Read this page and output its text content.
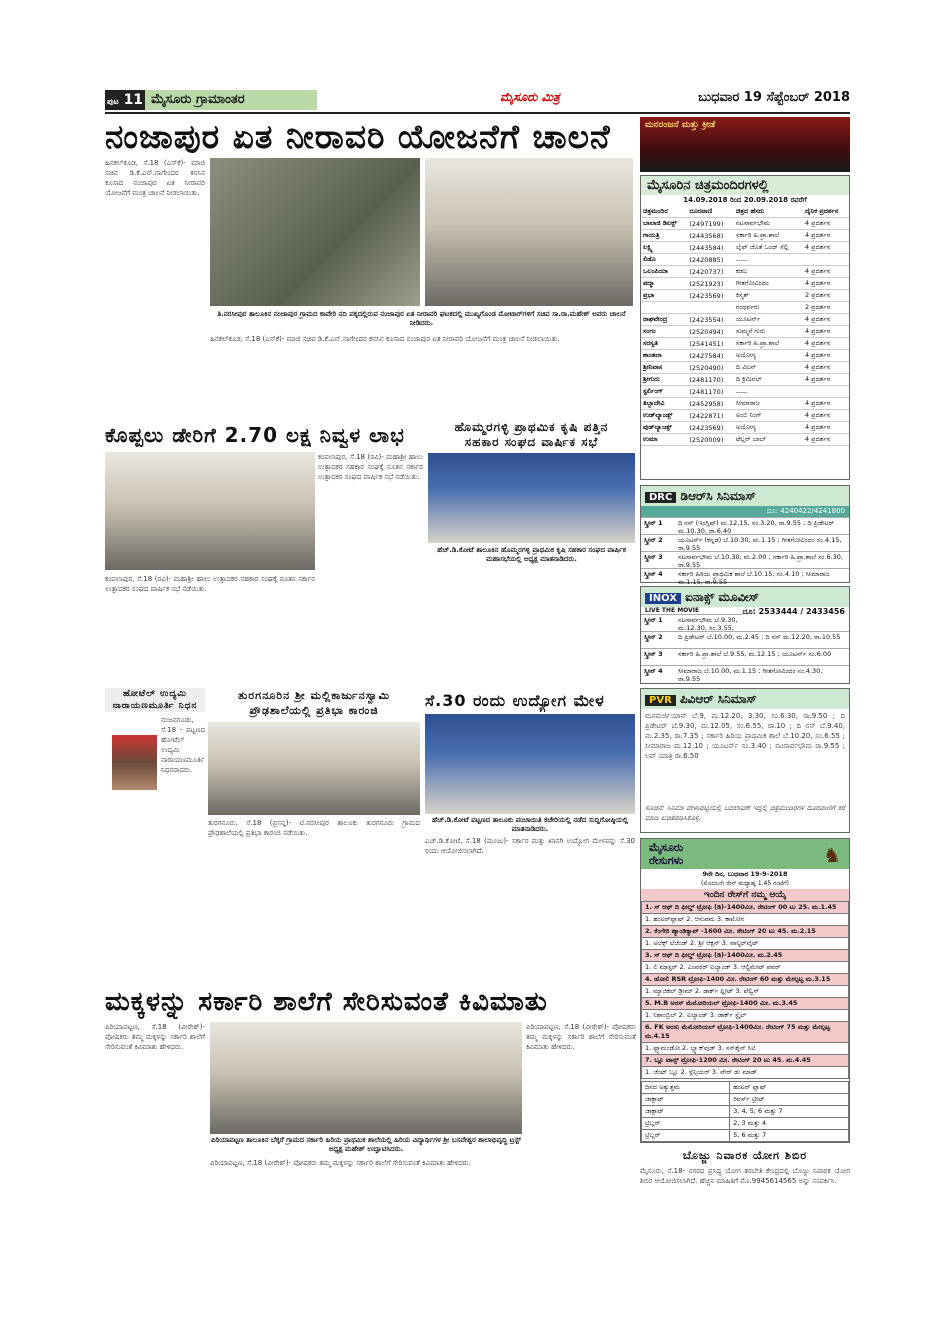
ಪುಟ 11 ಮೈಸೂರು ಗ್ರಾಮಾಂತರ	ಮೈಸೂರು ಮಿತ್ರ	ಬುಧವಾರ 19 ಸೆಪ್ಟೆಂಬರ್ 2018
ನಂಜಾಪುರ ಏತ ನೀರಾವರಿ ಯೋಜನೆಗೆ ಚಾಲನೆ
ಹಿನಕಲ್‌ಕೂಡ, ಸೆ.18 (ಎಸ್‌ಕೆ)- ಮಾಜಿ ಸಚಿವ ಡಿ.ಕೆ.ಎನ್.ನಾಗೇಂದರ ಕನಸಿನ ಕೂಸಾದ ನಂಜಾಪುರ ಏತ ನೀರಾವರಿ ಯೋಜನೆಗೆ ಮಂತ್ರ ಚಾಲನೆ ನೀಡಲಾಯಿತು.
ತಿ.ನರಸೀಪುರ ತಾಲೂಕಿನ ನಂಜಾಪುರ ಗ್ರಾಮದ ಕಾವೇರಿ ನದಿ ಪಕ್ಕದಲ್ಲಿರುವ ನಂಜಾಪುರ ಏತ ನೀರಾವರಿ ಘಟಕದಲ್ಲಿ ಮುಖ್ಯಗೊಂಡ ಮೋಟಾರ್‌ಗಳಿಗೆ ಸಚಿವ ಸಾ.ರಾ.ಮಹೇಶ್ ಅವರು ಚಾಲನೆ ನೀಡಿದರು.
ಹಿನಕಲ್‌ಕೂಡ, ಸೆ.18 (ಎಸ್‌ಕೆ)- ಮಾಜಿ ಸಚಿವ ಡಿ.ಕೆ.ಎನ್.ನಾಗೇಂದರ ಕನಸಿನ ಕೂಸಾದ ನಂಜಾಪುರ ಏತ ನೀರಾವರಿ ಯೋಜನೆಗೆ ಮಂತ್ರ ಚಾಲನೆ ನೀಡಲಾಯಿತು.
ಮನರಂಜನೆ ಮತ್ತು ಕ್ರೀಡೆ
ಮೈಸೂರಿನ ಚಿತ್ರಮಂದಿರಗಳಲ್ಲಿ
14.09.2018 ರಿಂದ 20.09.2018 ರವರೆಗೆ
ಚಿತ್ರಮಂದಿರ	ದೂರವಾಣಿ	ಚಿತ್ರದ ಹೆಸರು	ದೈನಿಕ ಪ್ರದರ್ಶನ
ಬಾಲಾಜಿ ಡಿಲಕ್ಸ್	(2497199)	ನಟಸಾರ್ವಭೌಮ	4 ಪ್ರದರ್ಶನ
ಗಾಯತ್ರಿ	(2443568)	ಸರ್ಕಾರಿ ಹಿ.ಪ್ರಾ.ಶಾಲೆ	4 ಪ್ರದರ್ಶನ
ಲಕ್ಷ್ಮಿ	(2443584)	ಲೈಫ್ ಜೊತೆ ಒಂದ್ ಸೆಲ್ಫಿ	4 ಪ್ರದರ್ಶನ
ಲಿಡೊ	(2420885)	-----	
ಒಲಂಪಿಯಾ	(2420737)	ಕಡಬ	4 ಪ್ರದರ್ಶನ
ಪದ್ಮಾ	(2521923)	ಗೀತಗೋವಿಂದಂ	4 ಪ್ರದರ್ಶನ
ಪ್ರಭಾ	(2423569)	ಕಿಸ್ಮತ್	2 ಪ್ರದರ್ಶನ
		ಗಂಧರ್ವರು	2 ಪ್ರದರ್ಶನ
ರಾಘವೇಂದ್ರ	(2423554)	ಯೂಟರ್ನ್	4 ಪ್ರದರ್ಶನ
ಸಂಗಂ	(2520494)	ಸುಮ್ಮನೆ ಗುರು	4 ಪ್ರದರ್ಶನ
ಸರಸ್ವತಿ	(2541451)	ಸರ್ಕಾರಿ ಹಿ.ಪ್ರಾ.ಶಾಲೆ	4 ಪ್ರದರ್ಶನ
ಶಾಂತಲಾ	(2427584)	ಅಯೋಗ್ಯ	4 ಪ್ರದರ್ಶನ
ಶ್ರೀನಿವಾಸ	(2520490)	ದಿ ವಿಲನ್	4 ಪ್ರದರ್ಶನ
ಶ್ರೀಗುರು	(2481170)	ದಿ ಕ್ರಿಮಿನಲ್	4 ಪ್ರದರ್ಶನ
ಸ್ಟರ್ಲಿಂಗ್	(2481170)	-----	
ತಿಬ್ಬಾದೇವಿ	(2452958)	ಸೀಮಾರಾಜ	4 ಪ್ರದರ್ಶನ
ಉಡ್‌ಲ್ಯಾಂಡ್ಸ್	(2422871)	ಅಂಬಿ ನಿಂಗ್	4 ಪ್ರದರ್ಶನ
ವುಡ್‌ಲ್ಯಾಂಡ್ಸ್	(2423569)	ಅಯೋಗ್ಯ	4 ಪ್ರದರ್ಶನ
ಉಮಾ	(2520009)	ಟೆಲ್ಲರ್ ಬಾಬ್	4 ಪ್ರದರ್ಶನ
ಕೊಪ್ಪಲು ಡೇರಿಗೆ 2.70 ಲಕ್ಷ ನಿವ್ವಳ ಲಾಭ
ಕಂಪಲಾಪುರ, ಸೆ.18 (ರವಿ)- ಮಹಾಶ್ರೀ ಹಾಲು ಉತ್ಪಾದಕರ ಸಹಕಾರ ಸಂಘಕ್ಕೆ ನೂತನ ಸರ್ಕಾರ ಉತ್ಪಾದಕರ ಸಂಘದ ವಾರ್ಷಿಕ ಸಭೆ ನಡೆಯಿತು.
ಕಂಪಲಾಪುರ, ಸೆ.18 (ರವಿ)- ಮಹಾಶ್ರೀ ಹಾಲು ಉತ್ಪಾದಕರ ಸಹಕಾರ ಸಂಘಕ್ಕೆ ನೂತನ ಸರ್ಕಾರ ಉತ್ಪಾದಕರ ಸಂಘದ ವಾರ್ಷಿಕ ಸಭೆ ನಡೆಯಿತು.
ಹೊಮ್ಮರಗಳ್ಳಿ ಪ್ರಾಥಮಿಕ ಕೃಷಿ ಪತ್ತಿನ
ಸಹಕಾರ ಸಂಘದ ವಾರ್ಷಿಕ ಸಭೆ
ಹೆಚ್.ಡಿ.ಕೋಟೆ ತಾಲೂಕಿನ ಹೊಮ್ಮರಗಳ್ಳಿ ಪ್ರಾಥಮಿಕ ಕೃಷಿ ಸಹಕಾರ ಸಂಘದ ವಾರ್ಷಿಕ ಮಹಾಸಭೆಯಲ್ಲಿ ಅಧ್ಯಕ್ಷ ಮಾತನಾಡಿದರು.
DRC ಡಿಆರ್‌ಸಿ ಸಿನಿಮಾಸ್
ದೂ: 4240422/4241800
ಸ್ಕ್ರೀನ್ 1	ದಿ ನನ್ (ಇಂಗ್ಲಿಷ್) ಮ.12.15, ಸಂ.3.20, ರಾ.9.55 ; ದಿ ಪ್ರಿಡೇಟರ್ ಮ.10.30, ರಾ.6.40
ಸ್ಕ್ರೀನ್ 2	ಯೂಟರ್ನ್ (ಕನ್ನಡ) ಬೆ.10.30, ಮ.1.15 ; ಗೀತಗೋವಿಂದಂ ಸಂ.4.15, ರಾ.9.55
ಸ್ಕ್ರೀನ್ 3	ನಟಸಾರ್ವಭೌಮ ಬೆ.10.30, ಮ.2.00 ; ಸರ್ಕಾರಿ ಹಿ.ಪ್ರಾ.ಶಾಲೆ ಸಂ.6.30, ರಾ.9.55
ಸ್ಕ್ರೀನ್ 4	ಸರ್ಕಾರಿ ಹಿರಿಯ ಪ್ರಾಥಮಿಕ ಶಾಲೆ ಬೆ.10.15, ಸಂ.4.10 ; ಸೀಮಾರಾಜ ಮ.1.15, ರಾ.9.55
INOX ಐನಾಕ್ಸ್ ಮೂವೀಸ್
LIVE THE MOVIE	ದೂ: 2533444 / 2433456
ಸ್ಕ್ರೀನ್ 1	ನಟಸಾರ್ವಭೌಮ ಬೆ.9.30, ಮ.12.30, ಸಂ.3.55,
ಸ್ಕ್ರೀನ್ 2	ದಿ ಪ್ರಿಡೇಟರ್ ಬೆ.10.00, ಮ.2.45 ; ದಿ ನನ್ ಮ.12.20, ರಾ.10.55
ಸ್ಕ್ರೀನ್ 3	ಸರ್ಕಾರಿ ಹಿ.ಪ್ರಾ.ಶಾಲೆ ಬೆ.9.55, ಮ.12.15 ; ಯೂಟರ್ನ್ ಸಂ.6.00
ಸ್ಕ್ರೀನ್ 4	ಸೀಮಾರಾಜ ಬೆ.10.00, ಮ.1.15 ; ಗೀತಗೋವಿಂದಂ ಸಂ.4.30, ರಾ.9.55
ಹೋಟೆಲ್ ಉದ್ಯಮಿ
ನಾರಾಯಣಮೂರ್ತಿ ನಿಧನ
ನಂಜನಗೂಡು, ಸೆ.18 - ಪಟ್ಟಣದ ಹೋಟೆಲ್ ಉದ್ಯಮಿ ನಾರಾಯಣಮೂರ್ತಿ ನಿಧನರಾದರು.
ತುರಗನೂರಿನ ಶ್ರೀ ಮಲ್ಲಿಕಾರ್ಜುನಸ್ವಾಮಿ
ಪ್ರೌಢಶಾಲೆಯಲ್ಲಿ ಪ್ರತಿಭಾ ಕಾರಂಜಿ
ತುರಗನೂರು, ಸೆ.18 (ಪ್ರಸನ್ನ)- ಟಿ.ನರಸೀಪುರ ತಾಲೂಕು ತುರಗನೂರು ಗ್ರಾಮದ ಪ್ರೌಢಶಾಲೆಯಲ್ಲಿ ಪ್ರತಿಭಾ ಕಾರಂಜಿ ನಡೆಯಿತು.
ಸೆ.30 ರಂದು ಉದ್ಯೋಗ ಮೇಳ
ಹೆಚ್.ಡಿ.ಕೋಟೆ ಪಟ್ಟಣದ ತಾಲೂಕು ಪಂಚಾಯಿತಿ ಕಚೇರಿಯಲ್ಲಿ ನಡೆದ ಸುದ್ದಿಗೋಷ್ಠಿಯಲ್ಲಿ ಮಾತನಾಡಿದರು.
ಎಚ್.ಡಿ.ಕೋಟೆ, ಸೆ.18 (ಮಂಜು)- ಸರ್ಕಾರ ಮತ್ತು ಖಾಸಗಿ ಉದ್ಯೋಗ ಮೇಳವನ್ನು ಸೆ.30 ರಂದು ಆಯೋಜಿಸಲಾಗಿದೆ.
PVR ಪಿವಿಆರ್ ಸಿನಿಮಾಸ್
ಮನಮರ್ಜಿಯಾನ್ ಬೆ.9, ಮ.12.20, 3.30, ಸಂ.6.30, ರಾ.9.50 ; ದಿ ಪ್ರಿಡೇಟರ್ ಬೆ.9.30, ಮ.12.05, ಸಂ.6.55, ರಾ.10 ; ದಿ ನನ್ ಬೆ.9.40, ಮ.2.35, ರಾ.7.35 ; ಸರ್ಕಾರಿ ಹಿರಿಯ ಪ್ರಾಥಮಿಕ ಶಾಲೆ ಬೆ.10.20, ಸಂ.6.55 ; ಸೀಮಾರಾಜ ಮ.12.10 ; ಯೂಟರ್ನ್ ಸಂ.3.40 ; ನಟಸಾರ್ವಭೌಮ ರಾ.9.55 ; ಲವ್ ಯಾತ್ರಿ ರಾ.6.50
ಸೂಚನೆ: ಸಿನಿಮಾ ವೇಳಾಪಟ್ಟಿಯಲ್ಲಿ ಬದಲಾವಣೆ ಇದ್ದಲ್ಲಿ ಚಿತ್ರಮಂದಿರಗಳ ದೂರವಾಣಿಗೆ ಕರೆ ಮಾಡಿ ಖಚಿತಪಡಿಸಿಕೊಳ್ಳಿ.
ಮೈಸೂರು
ರೇಸುಗಳು	♞
9ನೇ ದಿನ, ಬುಧವಾರ 19-9-2018
(ಮೊದಲನೇ ರೇಸ್ ಮಧ್ಯಾಹ್ನ 1.45 ಗಂಟೆಗೆ)
ಇಂದಿನ ರೇಸ್‌ಗೆ ನಮ್ಮ ಆಯ್ಕೆ
1. ಸ್ ಆಫ್ ದಿ ಫೀಲ್ಡ್ ಟ್ರೋಫಿ (ಡಿ)-1400ಮೀ. ರೇಟಿಂಗ್ 00 ಟು 25. ಮ.1.45
1. ಹಂಟರ್‌ಫ್ಲಾಷ್ 2. ಆನುಪಮ 3. ಕಾಮೋನ
2. ಕೆಂಗೇರಿ ಹ್ಯಾಂಡಿಕ್ಯಾಪ್ -1600 ಮೀ. ರೇಟಿಂಗ್ 20 ಟು 45. ಮ.2.15
1. ಅಲೆಕ್ಸ್ ಲೆಜೆಂಡ್ 2. ಶ್ರೀ ಆಕ್ಷನ್ 3. ವಾಲ್ಟರ್‌ವೈಟ್
3. ಸ್ ಆಫ್ ದಿ ಫೀಲ್ಡ್ ಟ್ರೋಫಿ (ಡಿ)-1400ಮೀ. ಮ.2.45
1. ಲಿ ಮಾಸ್ಟರ್ 2. ಎಂಪರರ್ ಐಲ್ಯಾಂಡ್ 3. ಆಲ್ಟಿಮೇಟ್ ಪವರ್
4. ಹೋಲಿ RSR ಟ್ರೋಫಿ-1400 ಮೀ. ರೇಟಿಂಗ್ 60 ಮತ್ತು ಮೇಲ್ಪಟ್ಟ ಮ.3.15
1. ಮ್ಯಾಜಿಕಲ್ ಡ್ರೀಮ್ 2. ಡಾರ್ಕ್ ಫ್ಲೀಟ್ 3. ಪೆಲ್ವಿಸ್
5. M.B ಅರಸ್ ಮೆಮೋರಿಯಲ್ ಟ್ರೋಫಿ-1400 ಮೀ. ಮ.3.45
1. ನಿಶಾಂಬ್ರಿಲ್ 2. ಐಲ್ಯಾಂಡ್ 3. ಡಾರ್ಕ್ ಸ್ಟೈಲ್
6. FK ಅರಸು ಮೆಮೋರಿಯಲ್ ಟ್ರೋಫಿ-1400ಮೀ. ರೇಟಿಂಗ್ 75 ಮತ್ತು ಮೇಲ್ಪಟ್ಟ ಮ.4.15
1. ಫ್ಲ್ಯಾಮಂಡೋ 2. ಬ್ಲ್ಯಾಕ್‌ವುಡ್ 3. ಸನ್‌ಶೈನ್ ಸಿಟಿ
7. ಬ್ಲೂ ಟಾನ್ಸ್ ಟ್ರೋಫಿ-1200 ಮೀ. ರೇಟಿಂಗ್ 20 ಟು 45. ಮ.4.45
1. ಜೆಂಟ್ ಬ್ಲೂ 2. ಸ್ಪೆನ್ಸಿಯರ್ 3. ವೇರ್ ಡು ಮಾಡ್
ದಿನದ ಅತ್ಯುತ್ತಮ	ಹಂಟರ್ ಫ್ಲಾಷ್
ಜಾಕ್ಪಾಟ್	ರಿವರ್ಸ್ ಟ್ರೀಟ್
ಜಾಕ್ಪಾಟ್	3, 4, 5, 6 ಮತ್ತು 7
ಟ್ರಿಬ್ಲರ್	2, 3 ಮತ್ತು 4
ಟ್ರಿಬ್ಲರ್	5, 6 ಮತ್ತು 7
ಮಕ್ಕಳನ್ನು ಸರ್ಕಾರಿ ಶಾಲೆಗೆ ಸೇರಿಸುವಂತೆ ಕಿವಿಮಾತು
ಪಿರಿಯಾಪಟ್ಟಣ, ಸೆ.18 (ವೀರೇಶ್)- ಪೋಷಕರು ತಮ್ಮ ಮಕ್ಕಳನ್ನು ಸರ್ಕಾರಿ ಶಾಲೆಗೆ ಸೇರಿಸುವಂತೆ ಕಿವಿಮಾತು ಹೇಳಿದರು.
ಪಿರಿಯಾಪಟ್ಟಣ ತಾಲೂಕಿನ ಬೆಕ್ಕರೆ ಗ್ರಾಮದ ಸರ್ಕಾರಿ ಹಿರಿಯ ಪ್ರಾಥಮಿಕ ಶಾಲೆಯಲ್ಲಿ ಹಿರಿಯ ವಿದ್ಯಾರ್ಥಿಗಳ ಶ್ರೀ ಬಸವೇಶ್ವರ ಶಾಲಾಭಿವೃದ್ಧಿ ಟ್ರಸ್ಟ್ ಅಧ್ಯಕ್ಷ ಮಹೇಶ್ ಉದ್ಘಾಟಿಸಿದರು.
ಪಿರಿಯಾಪಟ್ಟಣ, ಸೆ.18 (ವೀರೇಶ್)- ಪೋಷಕರು ತಮ್ಮ ಮಕ್ಕಳನ್ನು ಸರ್ಕಾರಿ ಶಾಲೆಗೆ ಸೇರಿಸುವಂತೆ ಕಿವಿಮಾತು ಹೇಳಿದರು.
ಪಿರಿಯಾಪಟ್ಟಣ, ಸೆ.18 (ವೀರೇಶ್)- ಪೋಷಕರು ತಮ್ಮ ಮಕ್ಕಳನ್ನು ಸರ್ಕಾರಿ ಶಾಲೆಗೆ ಸೇರಿಸುವಂತೆ ಕಿವಿಮಾತು ಹೇಳಿದರು.
ಬೊಜ್ಜು ನಿವಾರಕ ಯೋಗ ಶಿಬಿರ
ಮೈಸೂರು, ಸೆ.18- ನಗರದ ಪ್ರಸಿದ್ಧ ಯೋಗ ತರಬೇತಿ ಕೇಂದ್ರದಲ್ಲಿ ಬೊಜ್ಜು ನಿವಾರಕ ಯೋಗ ಶಿಬಿರ ಆಯೋಜಿಸಲಾಗಿದೆ. ಹೆಚ್ಚಿನ ಮಾಹಿತಿಗೆ ಮೊ.9945614565 ಅನ್ನು ಸಂಪರ್ಕಿಸಿ.
